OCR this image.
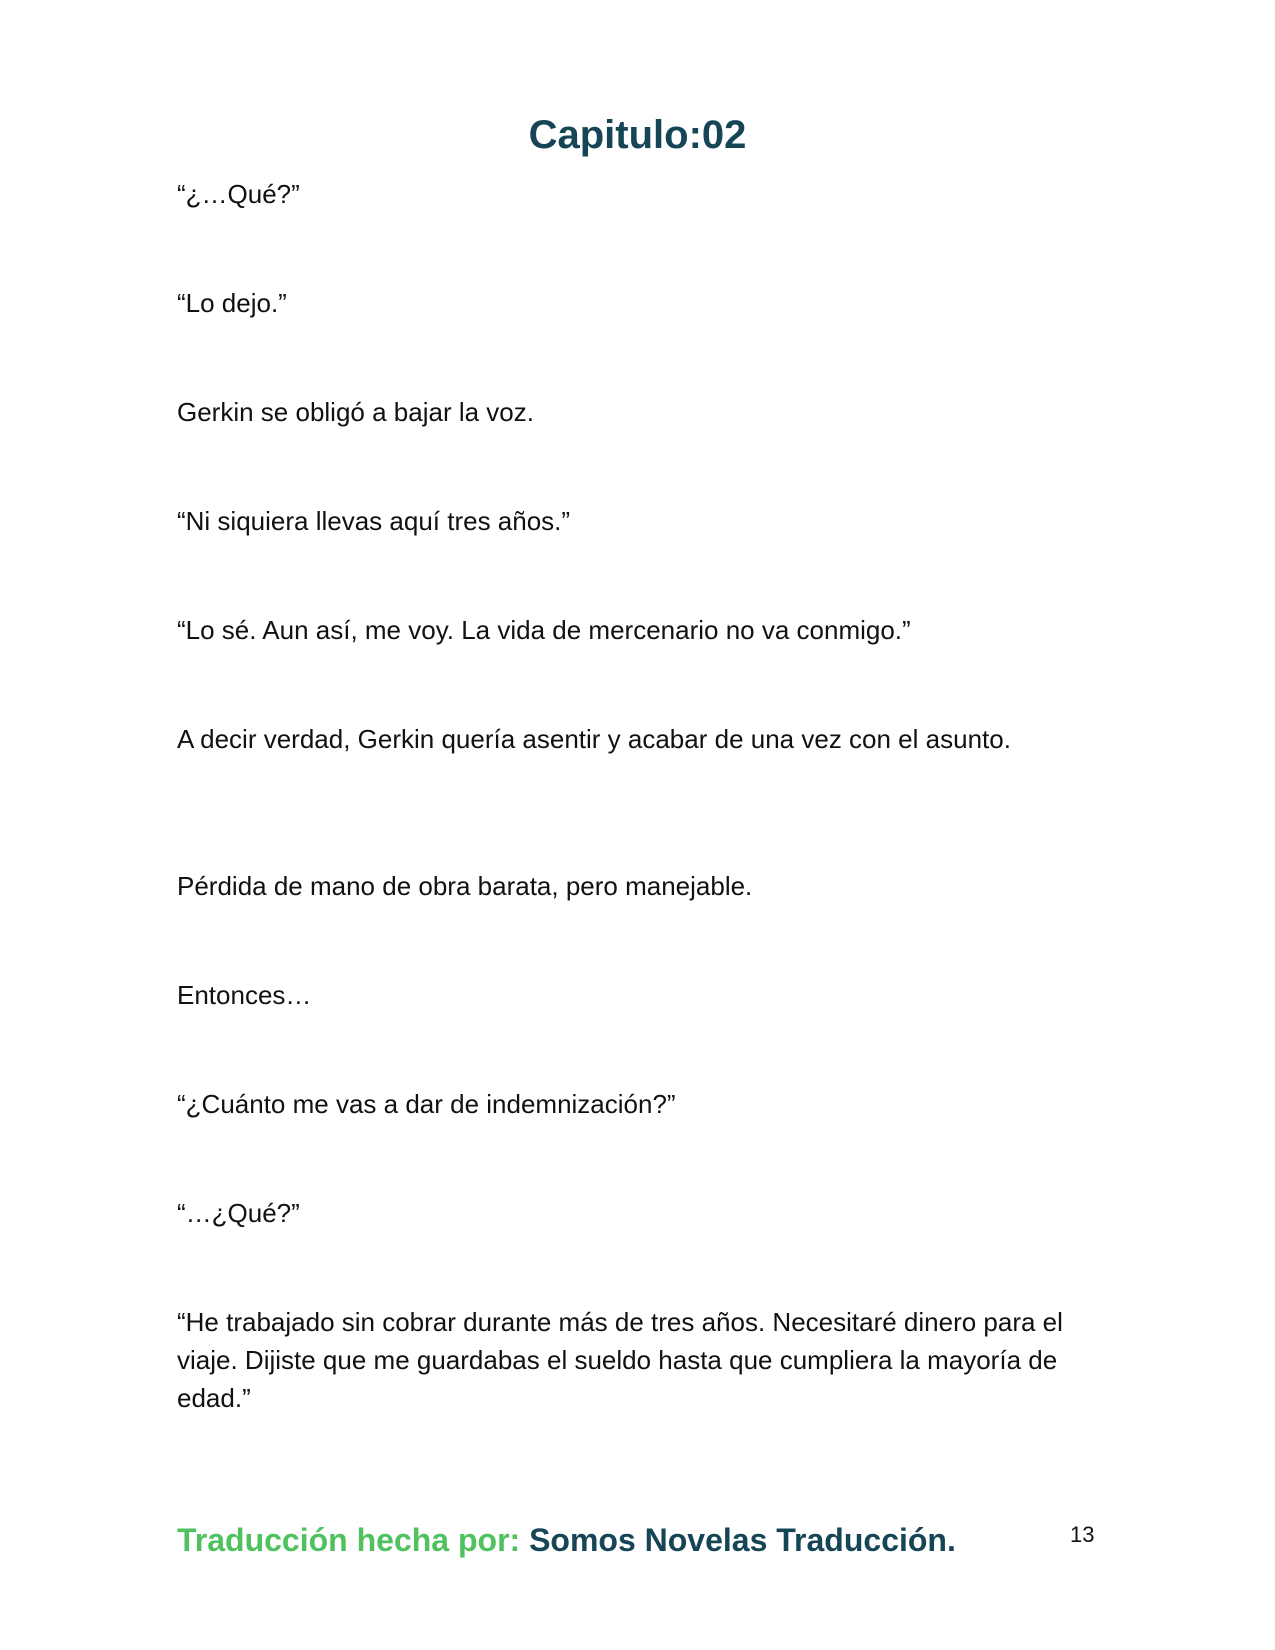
Capitulo:02

“¿…Qué?”

“Lo dejo.”

Gerkin se obligó a bajar la voz.

“Ni siquiera llevas aquí tres años.”

“Lo sé. Aun así, me voy. La vida de mercenario no va conmigo.”

A decir verdad, Gerkin quería asentir y acabar de una vez con el asunto.

Pérdida de mano de obra barata, pero manejable.

Entonces…

“¿Cuánto me vas a dar de indemnización?”

“…¿Qué?”

“He trabajado sin cobrar durante más de tres años. Necesitaré dinero para el viaje. Dijiste que me guardabas el sueldo hasta que cumpliera la mayoría de edad.”

Traducción hecha por: Somos Novelas Traducción.	13
